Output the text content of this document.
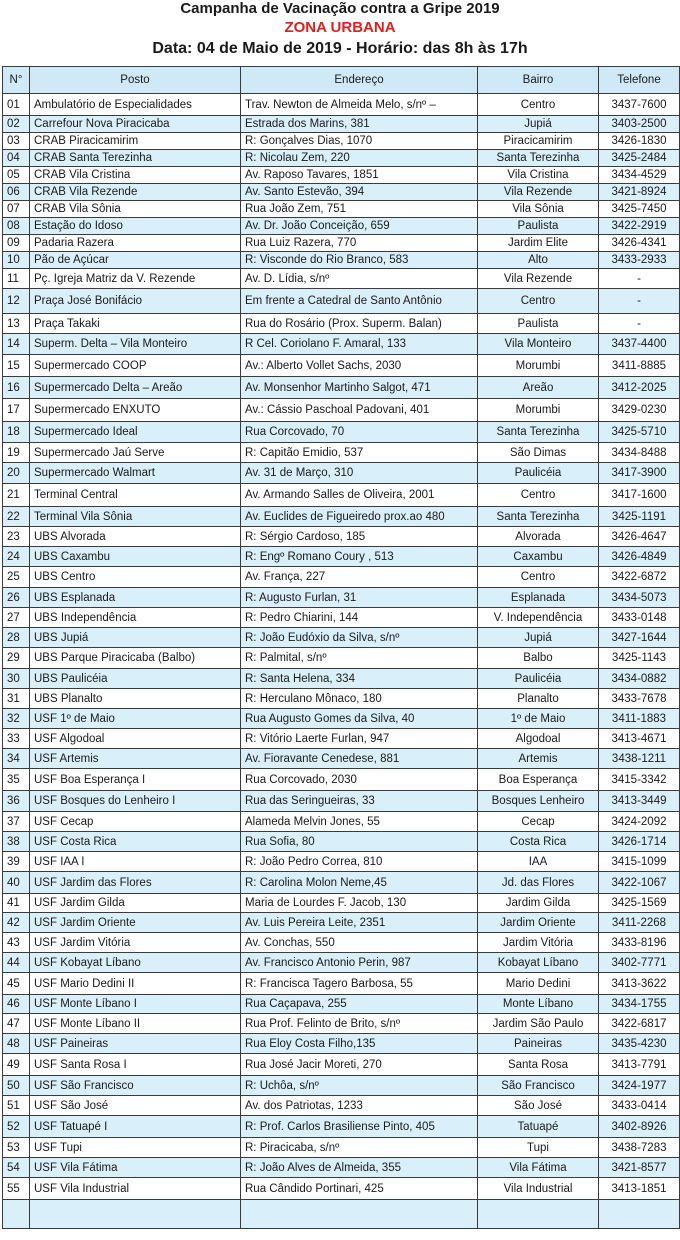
Campanha de Vacinação contra a Gripe 2019
ZONA URBANA
Data: 04 de Maio de 2019 - Horário: das 8h às 17h
N°	Posto	Endereço	Bairro	Telefone
01	Ambulatório de Especialidades	Trav. Newton de Almeida Melo, s/nº –	Centro	3437-7600
02	Carrefour Nova Piracicaba	Estrada dos Marins, 381	Jupiá	3403-2500
03	CRAB Piracicamirim	R: Gonçalves Dias, 1070	Piracicamirim	3426-1830
04	CRAB Santa Terezinha	R: Nicolau Zem, 220	Santa Terezinha	3425-2484
05	CRAB Vila Cristina	Av. Raposo Tavares, 1851	Vila Cristina	3434-4529
06	CRAB Vila Rezende	Av. Santo Estevão, 394	Vila Rezende	3421-8924
07	CRAB Vila Sônia	Rua João Zem, 751	Vila Sônia	3425-7450
08	Estação do Idoso	Av. Dr. João Conceição, 659	Paulista	3422-2919
09	Padaria Razera	Rua Luiz Razera, 770	Jardim Elite	3426-4341
10	Pão de Açúcar	R: Visconde do Rio Branco, 583	Alto	3433-2933
11	Pç. Igreja Matriz da V. Rezende	Av. D. Lídia, s/nº	Vila Rezende	-
12	Praça José Bonifácio	Em frente a Catedral de Santo Antônio	Centro	-
13	Praça Takaki	Rua do Rosário (Prox. Superm. Balan)	Paulista	-
14	Superm. Delta – Vila Monteiro	R Cel. Coriolano F. Amaral, 133	Vila Monteiro	3437-4400
15	Supermercado COOP	Av.: Alberto Vollet Sachs, 2030	Morumbi	3411-8885
16	Supermercado Delta – Areão	Av. Monsenhor Martinho Salgot, 471	Areão	3412-2025
17	Supermercado ENXUTO	Av.: Cássio Paschoal Padovani, 401	Morumbi	3429-0230
18	Supermercado Ideal	Rua Corcovado, 70	Santa Terezinha	3425-5710
19	Supermercado Jaú Serve	R: Capitão Emidio, 537	São Dimas	3434-8488
20	Supermercado Walmart	Av. 31 de Março, 310	Paulicéia	3417-3900
21	Terminal Central	Av. Armando Salles de Oliveira, 2001	Centro	3417-1600
22	Terminal Vila Sônia	Av. Euclides de Figueiredo prox.ao 480	Santa Terezinha	3425-1191
23	UBS Alvorada	R: Sérgio Cardoso, 185	Alvorada	3426-4647
24	UBS Caxambu	R: Engº Romano Coury , 513	Caxambu	3426-4849
25	UBS Centro	Av. França, 227	Centro	3422-6872
26	UBS Esplanada	R: Augusto Furlan, 31	Esplanada	3434-5073
27	UBS Independência	R: Pedro Chiarini, 144	V. Independência	3433-0148
28	UBS Jupiá	R: João Eudóxio da Silva, s/nº	Jupiá	3427-1644
29	UBS Parque Piracicaba (Balbo)	R: Palmital, s/nº	Balbo	3425-1143
30	UBS Paulicéia	R: Santa Helena, 334	Paulicéia	3434-0882
31	UBS Planalto	R: Herculano Mônaco, 180	Planalto	3433-7678
32	USF 1º de Maio	Rua Augusto Gomes da Silva, 40	1º de Maio	3411-1883
33	USF Algodoal	R: Vitório Laerte Furlan, 947	Algodoal	3413-4671
34	USF Artemis	Av. Fioravante Cenedese, 881	Artemis	3438-1211
35	USF Boa Esperança I	Rua Corcovado, 2030	Boa Esperança	3415-3342
36	USF Bosques do Lenheiro I	Rua das Seringueiras, 33	Bosques Lenheiro	3413-3449
37	USF Cecap	Alameda Melvin Jones, 55	Cecap	3424-2092
38	USF Costa Rica	Rua Sofia, 80	Costa Rica	3426-1714
39	USF IAA I	R: João Pedro Correa, 810	IAA	3415-1099
40	USF Jardim das Flores	R: Carolina Molon Neme,45	Jd. das Flores	3422-1067
41	USF Jardim Gilda	Maria de Lourdes F. Jacob, 130	Jardim Gilda	3425-1569
42	USF Jardim Oriente	Av. Luis Pereira Leite, 2351	Jardim Oriente	3411-2268
43	USF Jardim Vitória	Av. Conchas, 550	Jardim Vitória	3433-8196
44	USF Kobayat Líbano	Av. Francisco Antonio Perin, 987	Kobayat Líbano	3402-7771
45	USF Mario Dedini II	R: Francisca Tagero Barbosa, 55	Mario Dedini	3413-3622
46	USF Monte Líbano I	Rua Caçapava, 255	Monte Líbano	3434-1755
47	USF Monte Líbano II	Rua Prof. Felinto de Brito, s/nº	Jardim São Paulo	3422-6817
48	USF Paineiras	Rua Eloy Costa Filho,135	Paineiras	3435-4230
49	USF Santa Rosa I	Rua José Jacir Moreti, 270	Santa Rosa	3413-7791
50	USF São Francisco	R: Uchôa, s/nº	São Francisco	3424-1977
51	USF São José	Av. dos Patriotas, 1233	São José	3433-0414
52	USF Tatuapé I	R: Prof. Carlos Brasiliense Pinto, 405	Tatuapé	3402-8926
53	USF Tupi	R: Piracicaba, s/nº	Tupi	3438-7283
54	USF Vila Fátima	R: João Alves de Almeida, 355	Vila Fátima	3421-8577
55	USF Vila Industrial	Rua Cândido Portinari, 425	Vila Industrial	3413-1851
